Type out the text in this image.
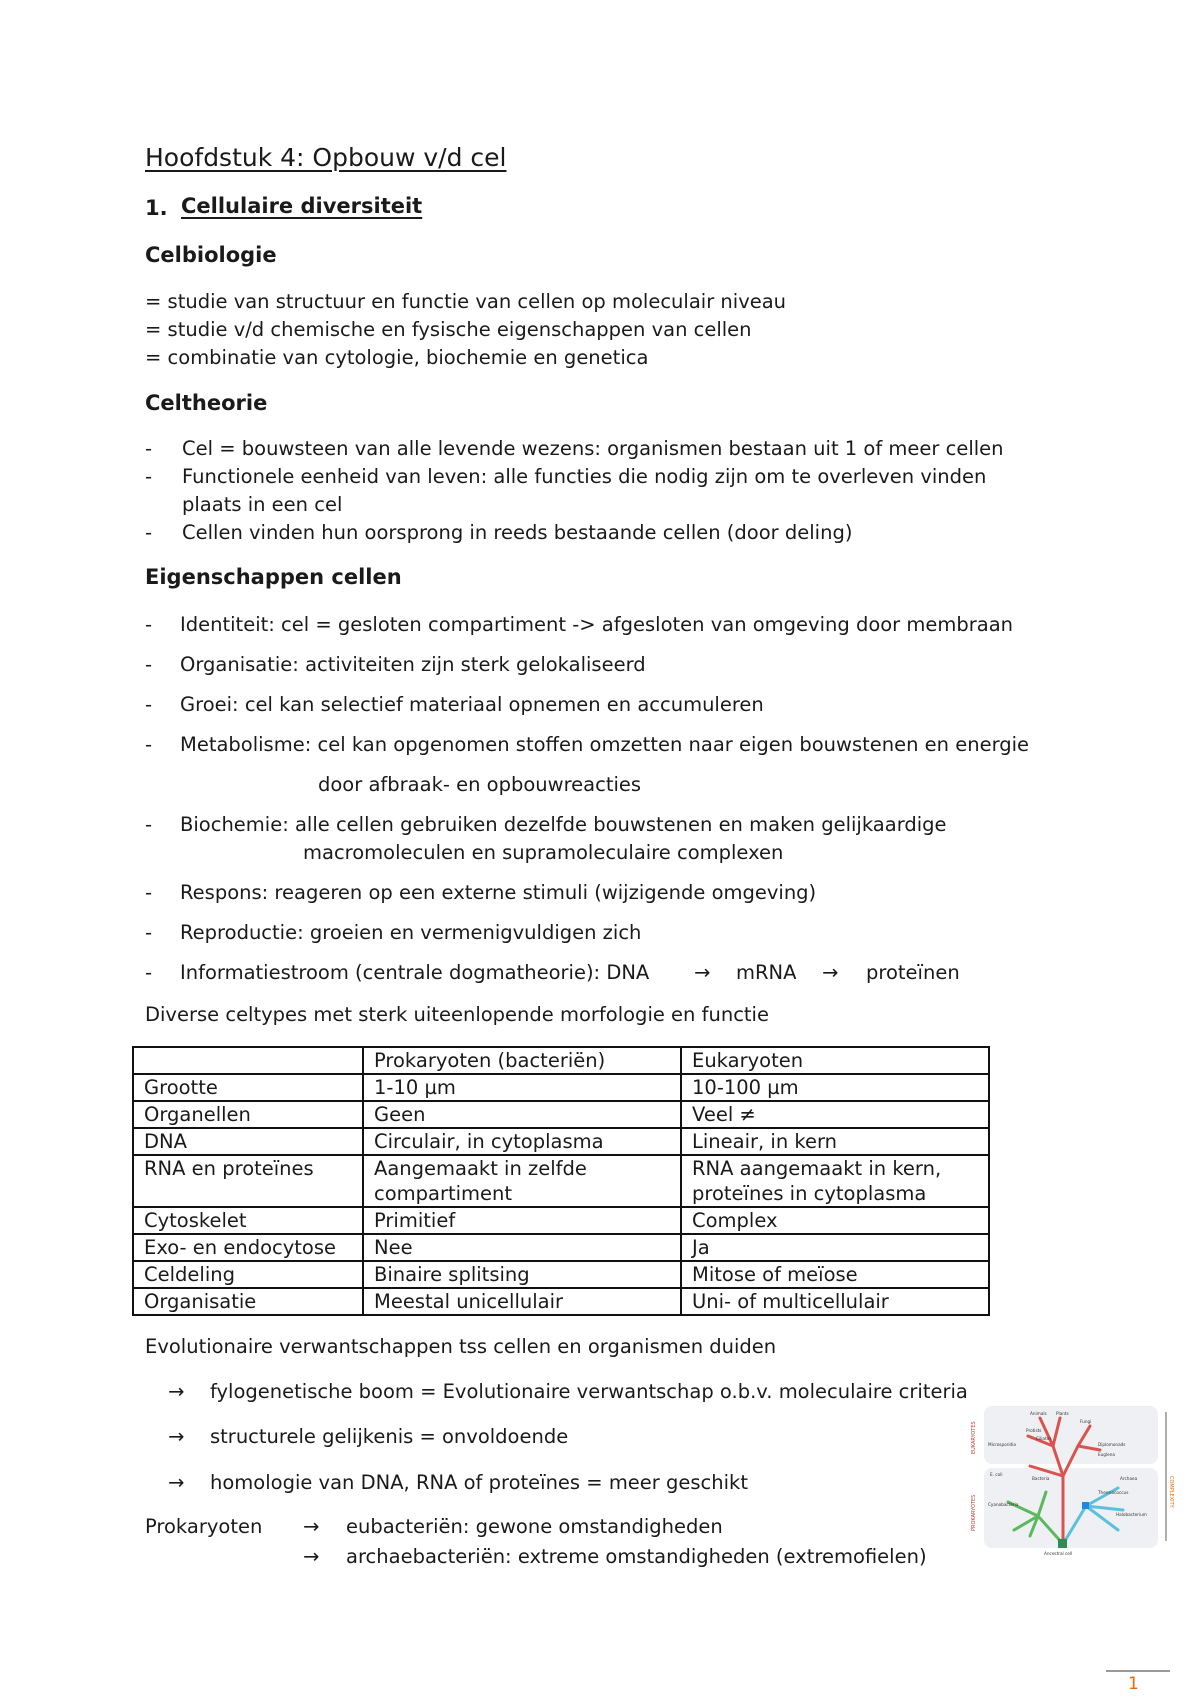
Hoofdstuk 4: Opbouw v/d cel
1. Cellulaire diversiteit
Celbiologie
= studie van structuur en functie van cellen op moleculair niveau
= studie v/d chemische en fysische eigenschappen van cellen
= combinatie van cytologie, biochemie en genetica
Celtheorie
- Cel = bouwsteen van alle levende wezens: organismen bestaan uit 1 of meer cellen
- Functionele eenheid van leven: alle functies die nodig zijn om te overleven vinden
plaats in een cel
- Cellen vinden hun oorsprong in reeds bestaande cellen (door deling)
Eigenschappen cellen
- Identiteit: cel = gesloten compartiment -> afgesloten van omgeving door membraan
- Organisatie: activiteiten zijn sterk gelokaliseerd
- Groei: cel kan selectief materiaal opnemen en accumuleren
- Metabolisme: cel kan opgenomen stoffen omzetten naar eigen bouwstenen en energie
door afbraak- en opbouwreacties
- Biochemie: alle cellen gebruiken dezelfde bouwstenen en maken gelijkaardige
macromoleculen en supramoleculaire complexen
- Respons: reageren op een externe stimuli (wijzigende omgeving)
- Reproductie: groeien en vermenigvuldigen zich
- Informatiestroom (centrale dogmatheorie): DNA → mRNA → proteïnen
Diverse celtypes met sterk uiteenlopende morfologie en functie
	Prokaryoten (bacteriën)	Eukaryoten
Grootte	1-10 µm	10-100 µm
Organellen	Geen	Veel ≠
DNA	Circulair, in cytoplasma	Lineair, in kern
RNA en proteïnes	Aangemaakt in zelfde compartiment	RNA aangemaakt in kern, proteïnes in cytoplasma
Cytoskelet	Primitief	Complex
Exo- en endocytose	Nee	Ja
Celdeling	Binaire splitsing	Mitose of meïose
Organisatie	Meestal unicellulair	Uni- of multicellulair
Evolutionaire verwantschappen tss cellen en organismen duiden
→ fylogenetische boom = Evolutionaire verwantschap o.b.v. moleculaire criteria
→ structurele gelijkenis = onvoldoende
→ homologie van DNA, RNA of proteïnes = meer geschikt
Prokaryoten → eubacteriën: gewone omstandigheden
→ archaebacteriën: extreme omstandigheden (extremofielen)
EUKARYOTES
PROKARYOTES
COMPLEXITY
Animals Plants
Fungi
Protists
Microsporidia	Diplomonads
Ciliates
Euglena
Bacteria	Archaea
E. coli
Thermococcus
Cyanobacteria
Halobacterium
Ancestral cell
1
